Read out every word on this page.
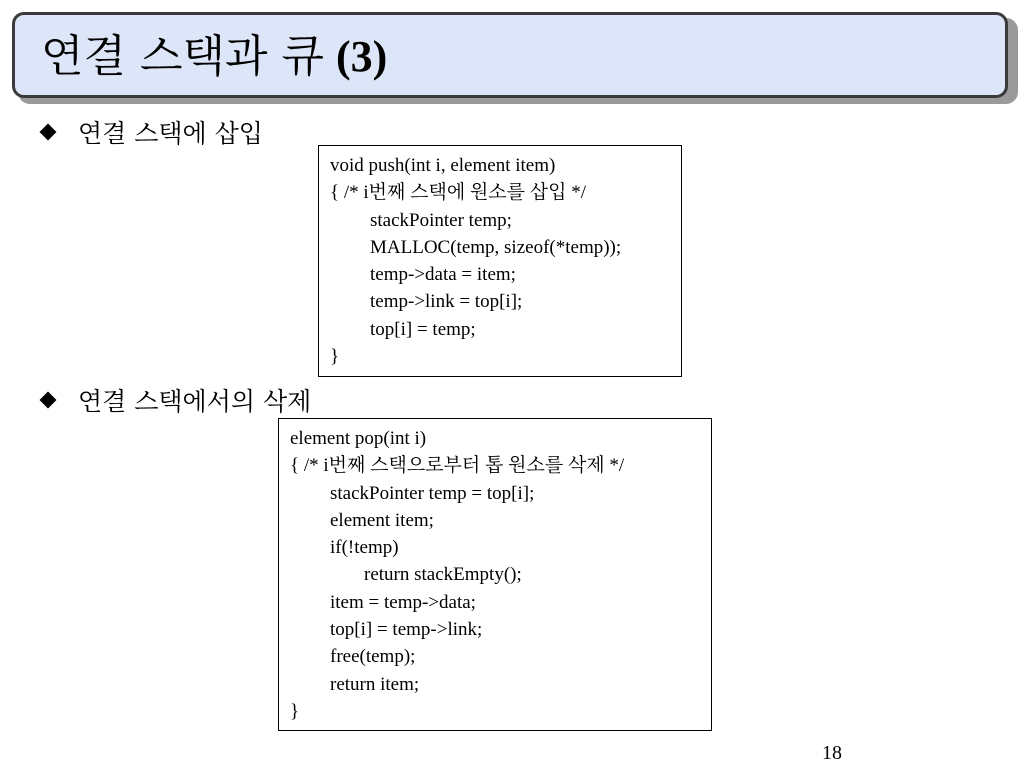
연결 스택과 큐 (3)
연결 스택에 삽입
void push(int i, element item)
{ /* i번째 스택에 원소를 삽입 */
stackPointer temp;
MALLOC(temp, sizeof(*temp));
temp->data = item;
temp->link = top[i];
top[i] = temp;
}
연결 스택에서의 삭제
element pop(int i)
{ /* i번째 스택으로부터 톱 원소를 삭제 */
stackPointer temp = top[i];
element item;
if(!temp)
return stackEmpty();
item = temp->data;
top[i] = temp->link;
free(temp);
return item;
}
18
